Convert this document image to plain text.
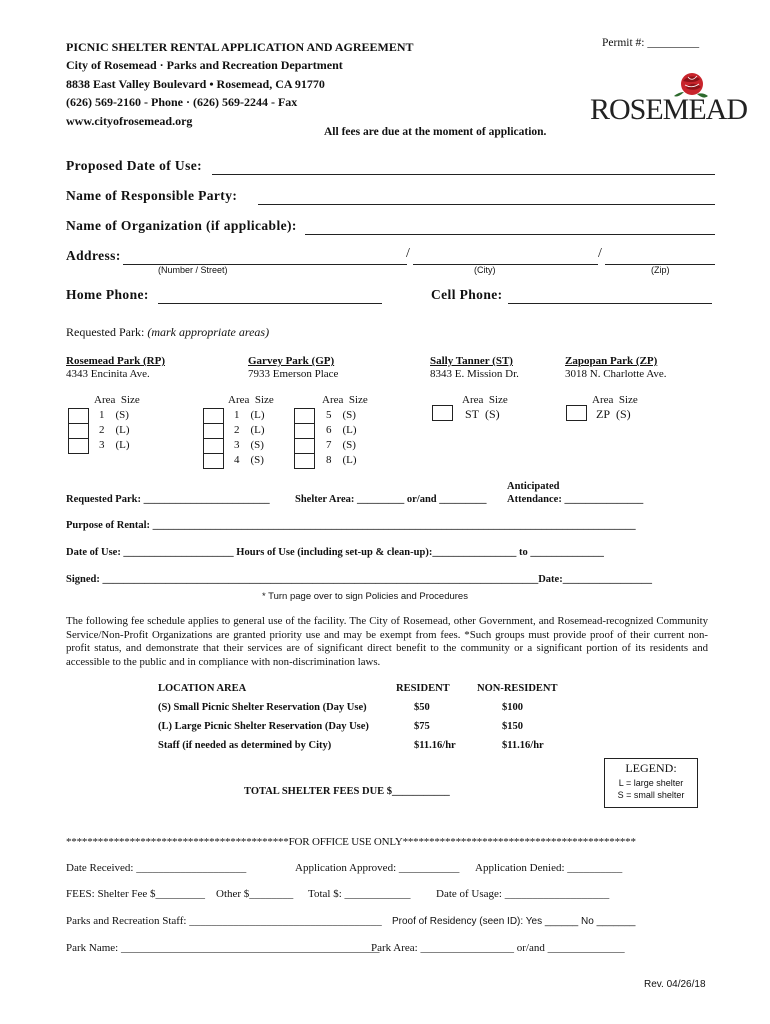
PICNIC SHELTER RENTAL APPLICATION AND AGREEMENT
City of Rosemead · Parks and Recreation Department
8838 East Valley Boulevard • Rosemead, CA 91770
(626) 569-2160 - Phone · (626) 569-2244 - Fax
www.cityofrosemead.org
All fees are due at the moment of application.
Permit #: _________
ROSEMEAD
Proposed Date of Use:
Name of Responsible Party:
Name of Organization (if applicable):
Address:	/	/
(Number / Street)	(City)	(Zip)
Home Phone:	Cell Phone:
Requested Park: (mark appropriate areas)
Rosemead Park (RP)
4343 Encinita Ave.
Garvey Park (GP)
7933 Emerson Place
Sally Tanner (ST)
8343 E. Mission Dr.
Zapopan Park (ZP)
3018 N. Charlotte Ave.
Area Size
1 (S)
2 (L)
3 (L)
Area Size	Area Size
1 (L)
2 (L)
3 (S)
4 (S)
5 (S)
6 (L)
7 (S)
8 (L)
Area Size
ST (S)
Area Size
ZP (S)
Anticipated
Requested Park: ________________________ Shelter Area: _________ or/and _________ Attendance: _______________
Purpose of Rental: ____________________________________________________________________________________________
Date of Use: _____________________ Hours of Use (including set-up & clean-up):________________ to ______________
Signed: ___________________________________________________________________________________Date:_________________
* Turn page over to sign Policies and Procedures
The following fee schedule applies to general use of the facility. The City of Rosemead, other Government, and Rosemead-recognized Community Service/Non-Profit Organizations are granted priority use and may be exempt from fees. *Such groups must provide proof of their current non-profit status, and demonstrate that their services are of significant direct benefit to the community or a significant portion of its residents and accessible to the public and in compliance with non-discrimination laws.
LOCATION AREA	RESIDENT	NON-RESIDENT
(S) Small Picnic Shelter Reservation (Day Use)	$50	$100
(L) Large Picnic Shelter Reservation (Day Use)	$75	$150
Staff (if needed as determined by City)	$11.16/hr	$11.16/hr
TOTAL SHELTER FEES DUE $___________
LEGEND:
L = large shelter
S = small shelter
******************************************FOR OFFICE USE ONLY********************************************
Date Received: ____________________	Application Approved: ___________ Application Denied: __________
FEES: Shelter Fee $_________ Other $________ Total $: ____________ Date of Usage: ___________________
Parks and Recreation Staff: ___________________________________ Proof of Residency (seen ID): Yes ______ No _______
Park Name: _______________________________________________
Park Area: _________________ or/and ______________
Rev. 04/26/18
